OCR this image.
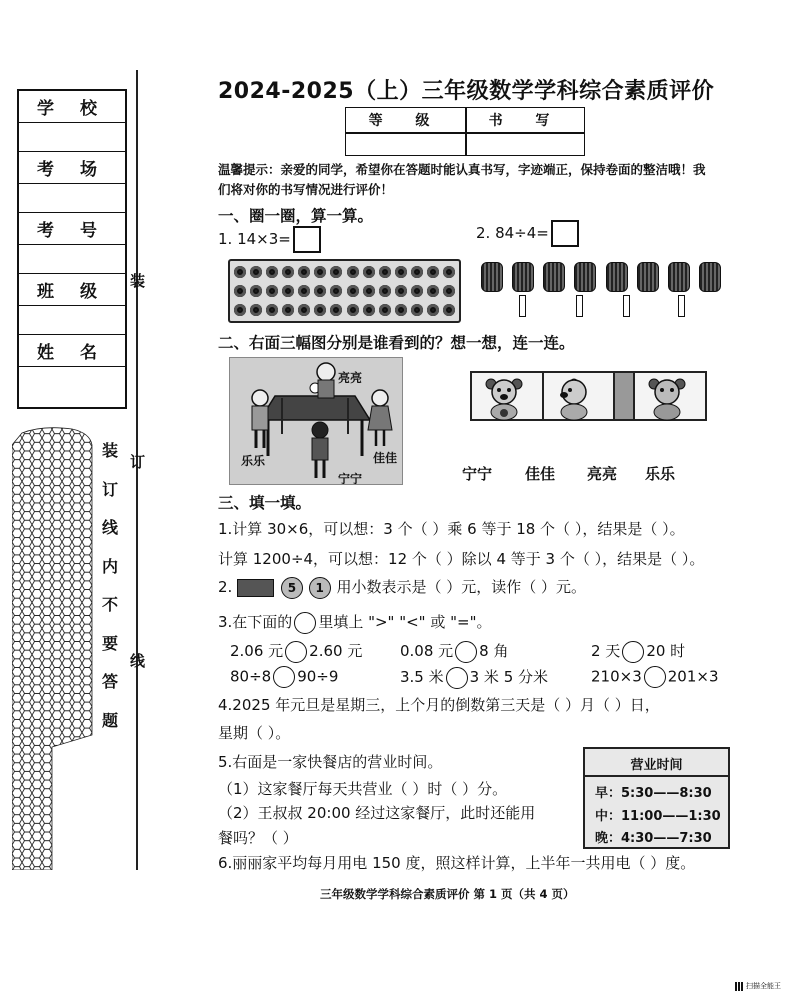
学 校
考 场
考 号
班 级
姓 名
装
订
线
内
不
要
答
题
装
订
线
2024-2025（上）三年级数学学科综合素质评价
等 级	书 写
温馨提示：亲爱的同学，希望你在答题时能认真书写，字迹端正，保持卷面的整洁哦！我们将对你的书写情况进行评价！
一、圈一圈，算一算。
1. 14×3=	2. 84÷4=
二、右面三幅图分别是谁看到的？想一想，连一连。
亮亮
乐乐	佳佳
宁宁	宁宁 佳佳 亮亮 乐乐
三、填一填。
1.计算 30×6，可以想：3 个（ ）乘 6 等于 18 个（ ），结果是（ ）。
计算 1200÷4，可以想：12 个（ ）除以 4 等于 3 个（ ），结果是（ ）。
2.	5 1 用小数表示是（ ）元，读作（ ）元。
3.在下面的 里填上 ">" "<" 或 "="。
2.06 元 2.60 元	0.08 元 8 角	2 天 20 时
80÷8 90÷9	3.5 米 3 米 5 分米	210×3 201×3
4.2025 年元旦是星期三，上个月的倒数第三天是（ ）月（ ）日，
星期（ ）。
5.右面是一家快餐店的营业时间。
（1）这家餐厅每天共营业（ ）时（ ）分。
（2）王叔叔 20:00 经过这家餐厅，此时还能用
餐吗？（ ）
营业时间
早：5:30——8:30
中：11:00——1:30
晚：4:30——7:30
6.丽丽家平均每月用电 150 度，照这样计算，上半年一共用电（ ）度。
三年级数学学科综合素质评价 第 1 页（共 4 页）
扫描全能王
